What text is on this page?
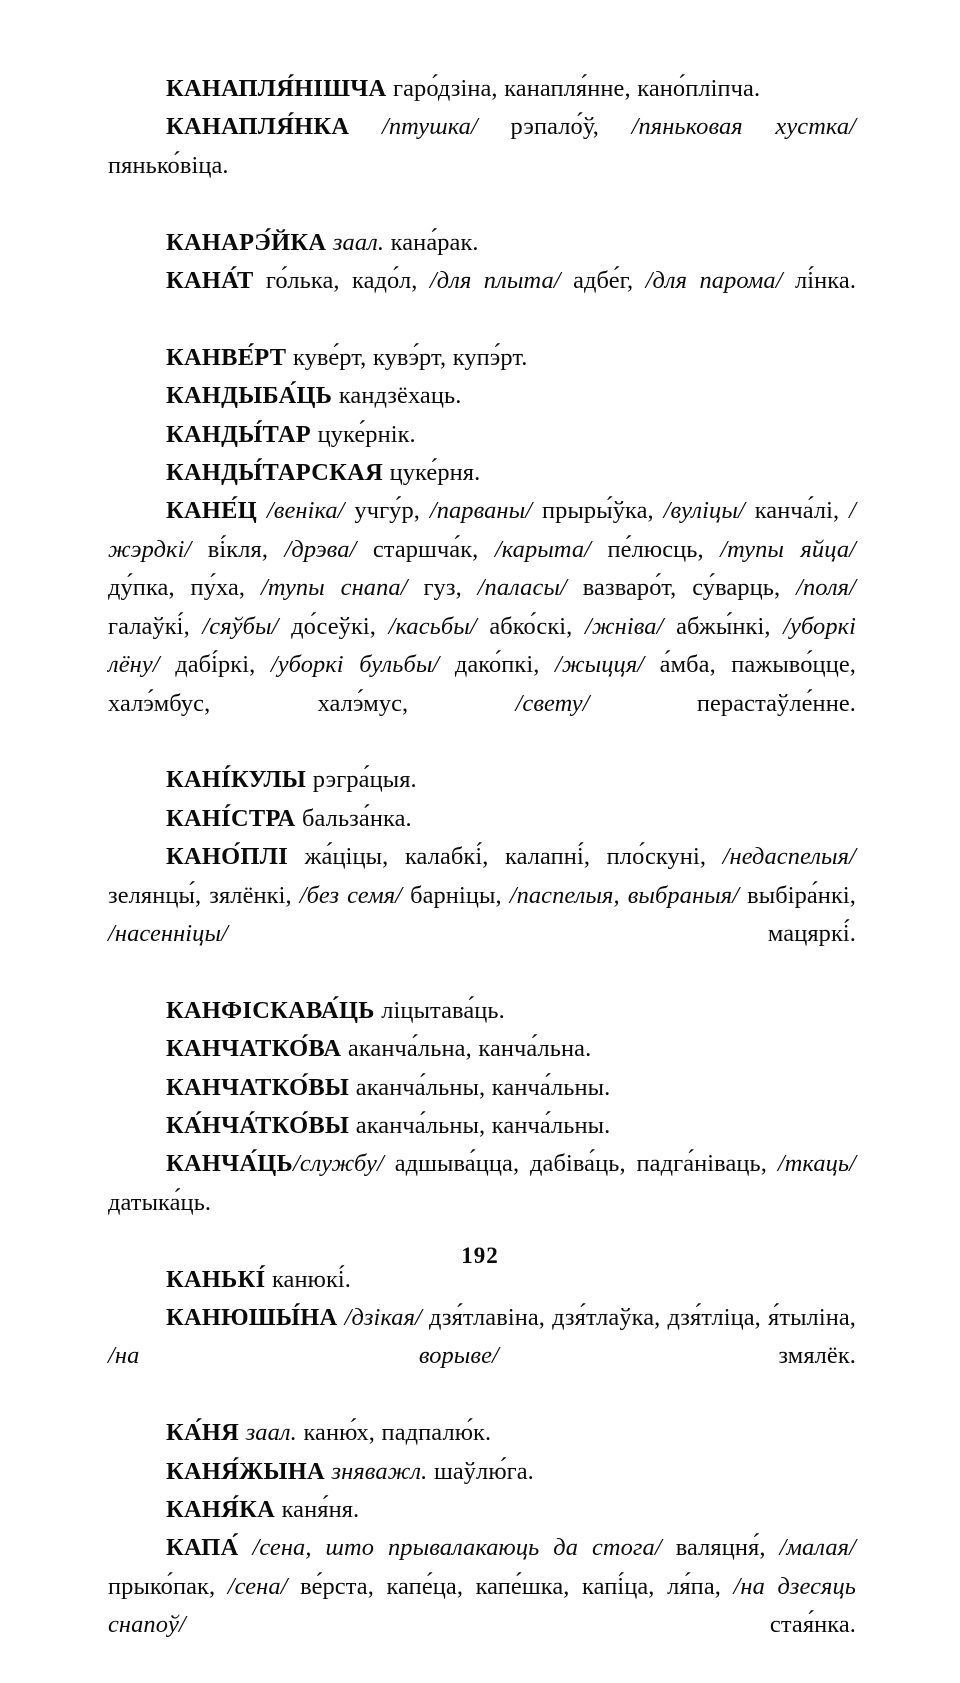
КАНАПЛЯ́НІШЧА гаро́дзіна, канапля́нне, кано́пліпча.

КАНАПЛЯ́НКА /птушка/ рэпало́ў, /пяньковая хустка/ пянько́віца.

КАНАРЭ́ЙКА заал. кана́рак.

КАНА́Т го́лька, кадо́л, /для плыта/ адбе́г, /для парома/ лі́нка.

КАНВЕ́РТ куве́рт, кувэ́рт, купэ́рт.

КАНДЫБА́ЦЬ кандзёхаць.

КАНДЫ́ТАР цуке́рнік.

КАНДЫ́ТАРСКАЯ цуке́рня.

КАНЕ́Ц /веніка/ учгу́р, /парваны/ прыры́ўка, /вуліцы/ канча́лі, /жэрдкі/ ві́кля, /дрэва/ старшча́к, /карыта/ пе́люсць, /тупы яйца/ ду́пка, пу́ха, /тупы снапа/ гуз, /паласы/ вазваро́т, су́варць, /поля/ галаўкі́, /сяўбы/ до́сеўкі, /касьбы/ абко́скі, /жніва/ абжы́нкі, /уборкі лёну/ дабі́ркі, /уборкі бульбы/ дако́пкі, /жыцця/ а́мба, пажыво́цце, халэ́мбус, халэ́мус, /свету/ перастаўле́нне.

КАНІ́КУЛЫ рэгра́цыя.

КАНІ́СТРА бальза́нка.

КАНО́ПЛІ жа́ціцы, калабкі́, калапні́, пло́скуні, /недаспелыя/ зелянцы́, зялёнкі, /без семя/ барніцы, /паспелыя, выбраныя/ выбіра́нкі, /насенніцы/ мацяркі́.

КАНФІСКАВА́ЦЬ ліцытава́ць.

КАНЧАТКО́ВА аканча́льна, канча́льна.

КАНЧАТКО́ВЫ аканча́льны, канча́льны.

КА́НЧА́ТКО́ВЫ аканча́льны, канча́льны.

КАНЧА́ЦЬ/службу/ адшыва́цца, дабіва́ць, падга́ніваць, /ткаць/ датыка́ць.

КАНЬКІ́ канюкі́.

КАНЮШЫ́НА /дзікая/ дзя́тлавіна, дзя́тлаўка, дзя́тліца, я́тыліна, /на ворыве/ змялёк.

КА́НЯ заал. каню́х, падпалю́к.

КАНЯ́ЖЫНА зняважл. шаўлю́га.

КАНЯ́КА каня́ня.

КАПА́ /сена, што прывалакаюць да стога/ валяцня́, /малая/ прыко́пак, /сена/ ве́рста, капе́ца, капе́шка, капі́ца, ля́па, /на дзесяць снапоў/ стая́нка.

192
